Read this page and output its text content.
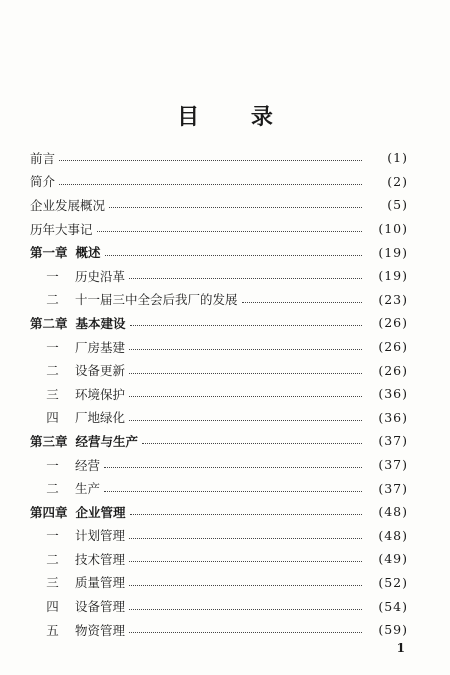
目 录
前言	(1)
简介	(2)
企业发展概况	(5)
历年大事记	(10)
第一章 概述	(19)
一 历史沿革	(19)
二 十一届三中全会后我厂的发展	(23)
第二章 基本建设	(26)
一 厂房基建	(26)
二 设备更新	(26)
三 环境保护	(36)
四 厂地绿化	(36)
第三章 经营与生产	(37)
一 经营	(37)
二 生产	(37)
第四章 企业管理	(48)
一 计划管理	(48)
二 技术管理	(49)
三 质量管理	(52)
四 设备管理	(54)
五 物资管理	(59)
1
